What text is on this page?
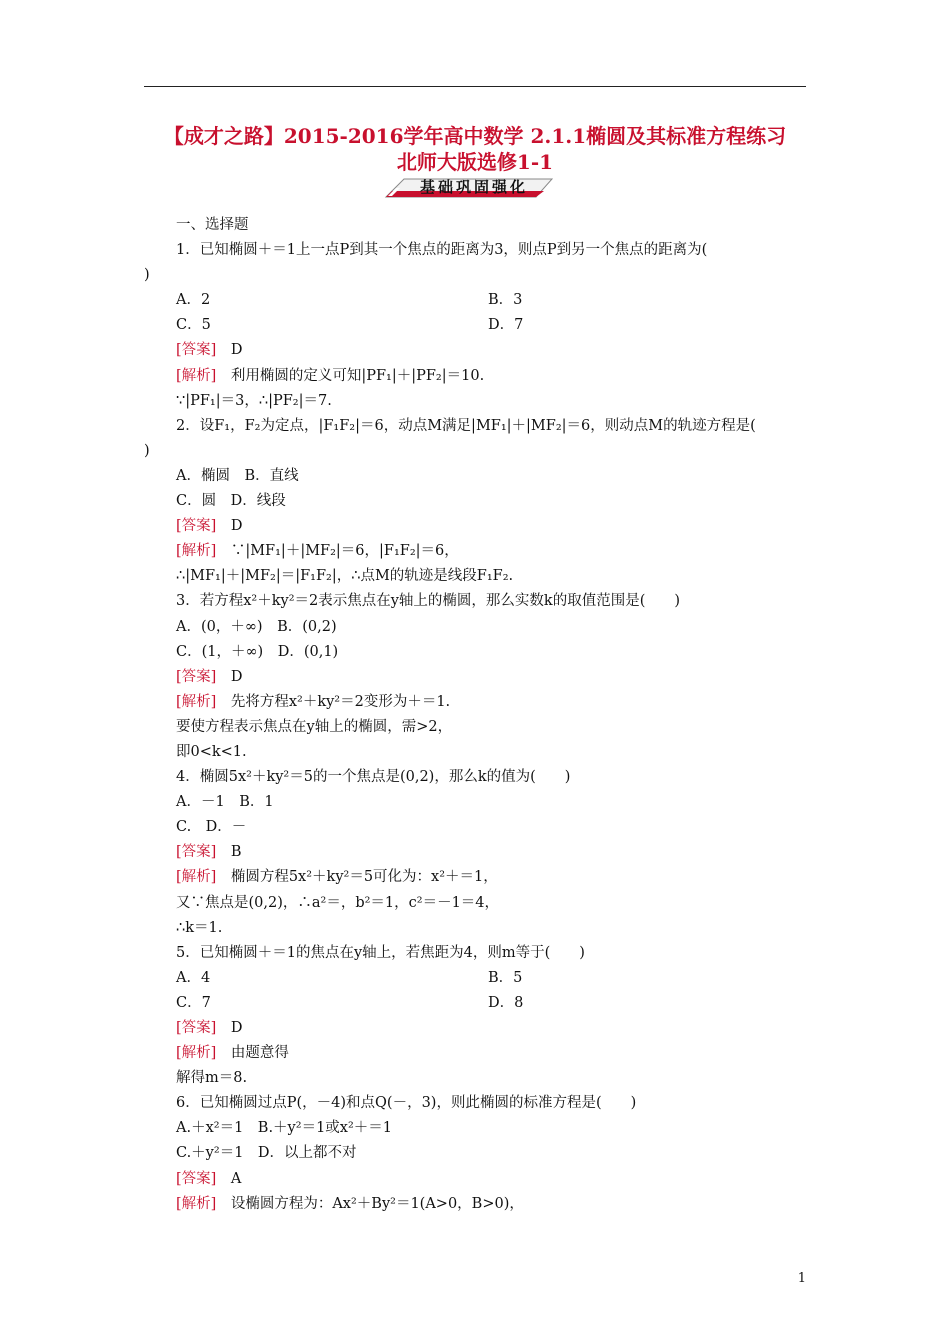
【成才之路】2015-2016学年高中数学 2.1.1椭圆及其标准方程练习
北师大版选修1-1
基础巩固强化
一、选择题
1．已知椭圆＋＝1上一点P到其一个焦点的距离为3，则点P到另一个焦点的距离为(
)
A．2	B．3
C．5	D．7
[答案]　D
[解析]　利用椭圆的定义可知|PF₁|＋|PF₂|＝10.
∵|PF₁|＝3，∴|PF₂|＝7.
2．设F₁，F₂为定点，|F₁F₂|＝6，动点M满足|MF₁|＋|MF₂|＝6，则动点M的轨迹方程是(
)
A．椭圆　B．直线
C．圆　D．线段
[答案]　D
[解析]　∵|MF₁|＋|MF₂|＝6，|F₁F₂|＝6，
∴|MF₁|＋|MF₂|＝|F₁F₂|，∴点M的轨迹是线段F₁F₂.
3．若方程x²＋ky²＝2表示焦点在y轴上的椭圆，那么实数k的取值范围是(　　)
A．(0，＋∞)　B．(0,2)
C．(1，＋∞)　D．(0,1)
[答案]　D
[解析]　先将方程x²＋ky²＝2变形为＋＝1.
要使方程表示焦点在y轴上的椭圆，需>2，
即0<k<1.
4．椭圆5x²＋ky²＝5的一个焦点是(0,2)，那么k的值为(　　)
A．－1　B．1
C.　D．－
[答案]　B
[解析]　椭圆方程5x²＋ky²＝5可化为：x²＋＝1，
又∵焦点是(0,2)，∴a²＝，b²＝1，c²＝－1＝4，
∴k＝1.
5．已知椭圆＋＝1的焦点在y轴上，若焦距为4，则m等于(　　)
A．4	B．5
C．7	D．8
[答案]　D
[解析]　由题意得
解得m＝8.
6．已知椭圆过点P(，－4)和点Q(－，3)，则此椭圆的标准方程是(　　)
A.＋x²＝1　B.＋y²＝1或x²＋＝1
C.＋y²＝1　D．以上都不对
[答案]　A
[解析]　设椭圆方程为：Ax²＋By²＝1(A>0，B>0)，
1
